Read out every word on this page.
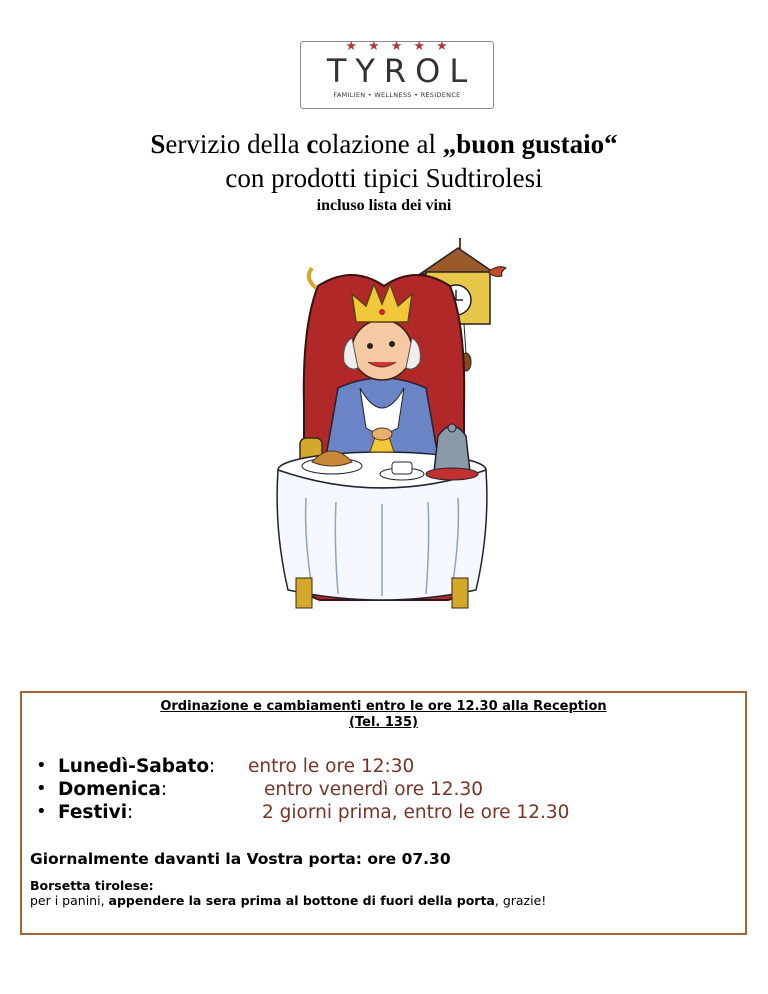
★★★★★
TYROL
FAMILIEN • WELLNESS • RESIDENCE
Servizio della colazione al „buon gustaio“
con prodotti tipici Sudtirolesi
incluso lista dei vini
Ordinazione e cambiamenti entro le ore 12.30 alla Reception
(Tel. 135)
• Lunedì-Sabato: entro le ore 12:30
• Domenica:	entro venerdì ore 12.30
• Festivi:	2 giorni prima, entro le ore 12.30
Giornalmente davanti la Vostra porta: ore 07.30
Borsetta tirolese:
per i panini, appendere la sera prima al bottone di fuori della porta, grazie!
